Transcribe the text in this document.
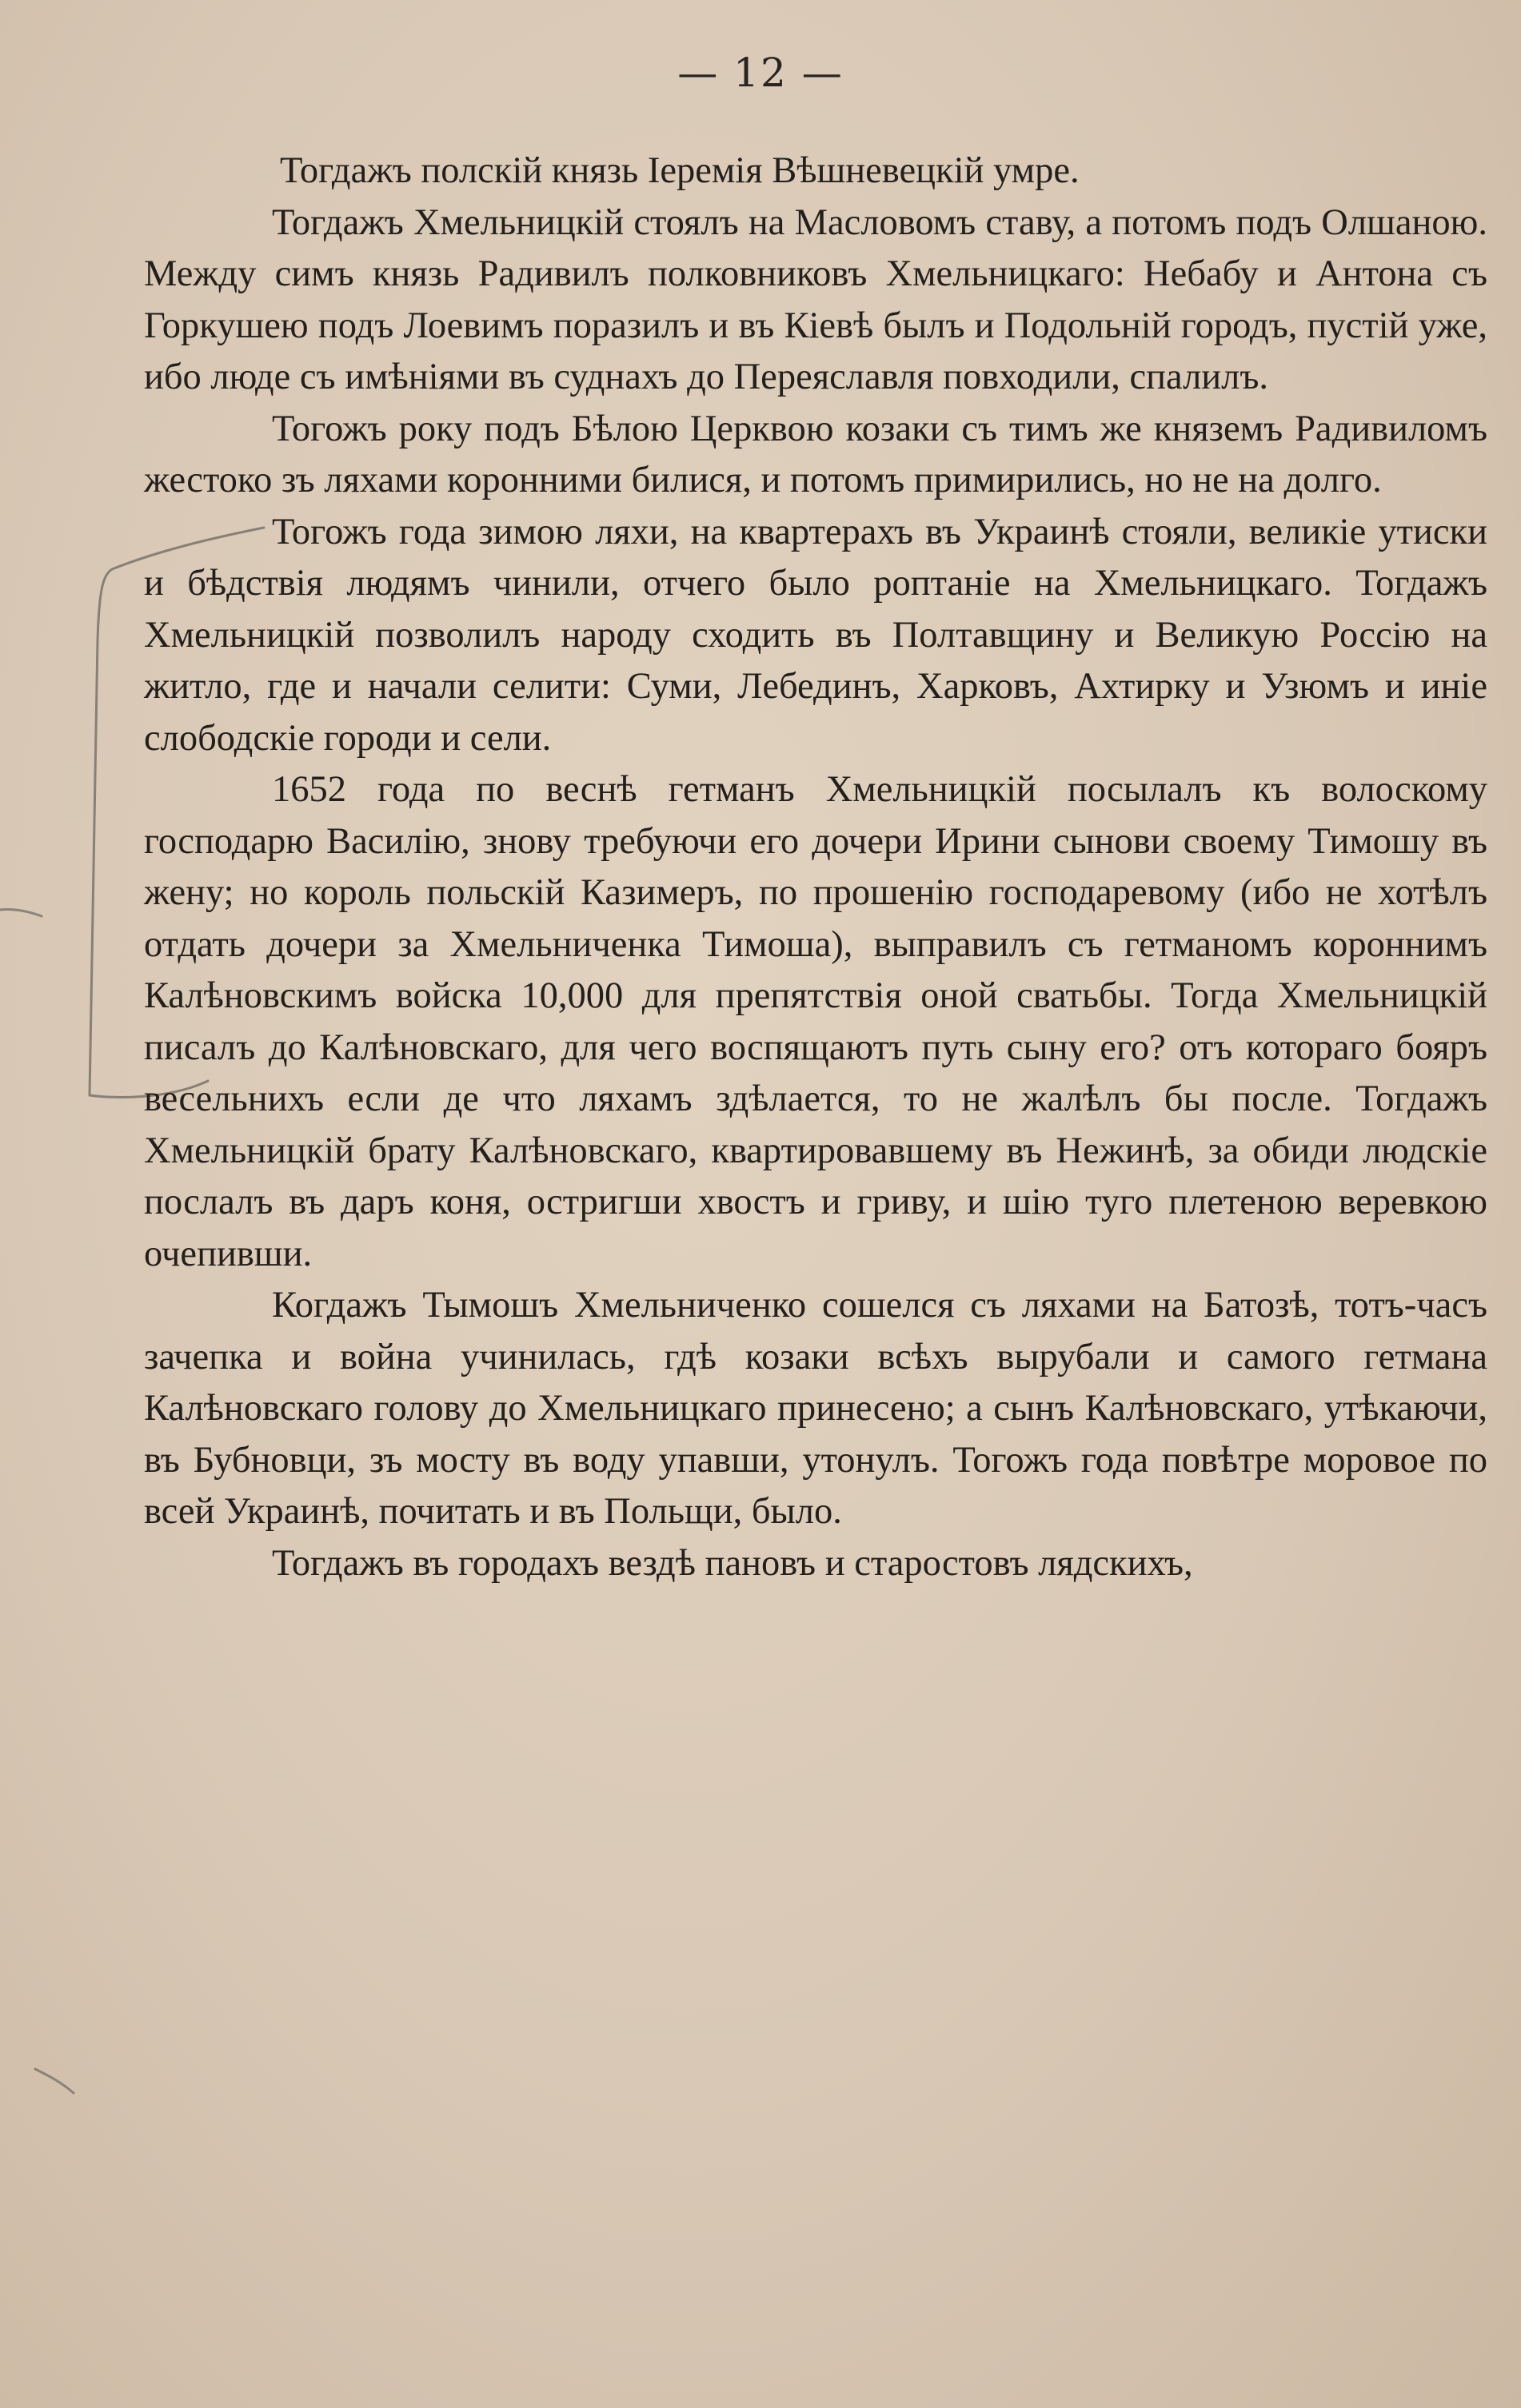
— 12 —

Тогдажъ полскій князь Іеремія Вѣшневецкій умре.

Тогдажъ Хмельницкій стоялъ на Масловомъ ставу, а потомъ подъ Олшаною. Между симъ князь Радивилъ полковниковъ Хмельницкаго: Небабу и Антона съ Горкушею подъ Лоевимъ поразилъ и въ Кіевѣ былъ и Подольній городъ, пустій уже, ибо люде съ имѣніями въ суднахъ до Переяславля повходили, спалилъ.

Тогожъ року подъ Бѣлою Церквою козаки съ тимъ же княземъ Радивиломъ жестоко зъ ляхами коронними билися, и потомъ примирились, но не на долго.

Тогожъ года зимою ляхи, на квартерахъ въ Украинѣ стояли, великіе утиски и бѣдствія людямъ чинили, отчего было роптаніе на Хмельницкаго. Тогдажъ Хмельницкій позволилъ народу сходить въ Полтавщину и Великую Россію на житло, где и начали селити: Суми, Лебединъ, Харковъ, Ахтирку и Узюмъ и иніе слободскіе городи и сели.

1652 года по веснѣ гетманъ Хмельницкій посылалъ къ волоскому господарю Василію, знову требуючи его дочери Ирини сынови своему Тимошу въ жену; но король польскій Казимеръ, по прошенію господаревому (ибо не хотѣлъ отдать дочери за Хмельниченка Тимоша), выправилъ съ гетманомъ короннимъ Калѣновскимъ войска 10,000 для препятствія оной сватьбы. Тогда Хмельницкій писалъ до Калѣновскаго, для чего воспящаютъ путь сыну его? отъ котораго бояръ весельнихъ если де что ляхамъ здѣлается, то не жалѣлъ бы после. Тогдажъ Хмельницкій брату Калѣновскаго, квартировавшему въ Нежинѣ, за обиди людскіе послалъ въ даръ коня, остригши хвостъ и гриву, и шію туго плетеною веревкою очепивши.

Когдажъ Тымошъ Хмельниченко сошелся съ ляхами на Батозѣ, тотъ-часъ зачепка и война учинилась, гдѣ козаки всѣхъ вырубали и самого гетмана Калѣновскаго голову до Хмельницкаго принесено; а сынъ Калѣновскаго, утѣкаючи, въ Бубновци, зъ мосту въ воду упавши, утонулъ. Тогожъ года повѣтре моровое по всей Украинѣ, почитать и въ Польщи, было.

Тогдажъ въ городахъ вездѣ пановъ и старостовъ лядскихъ,
